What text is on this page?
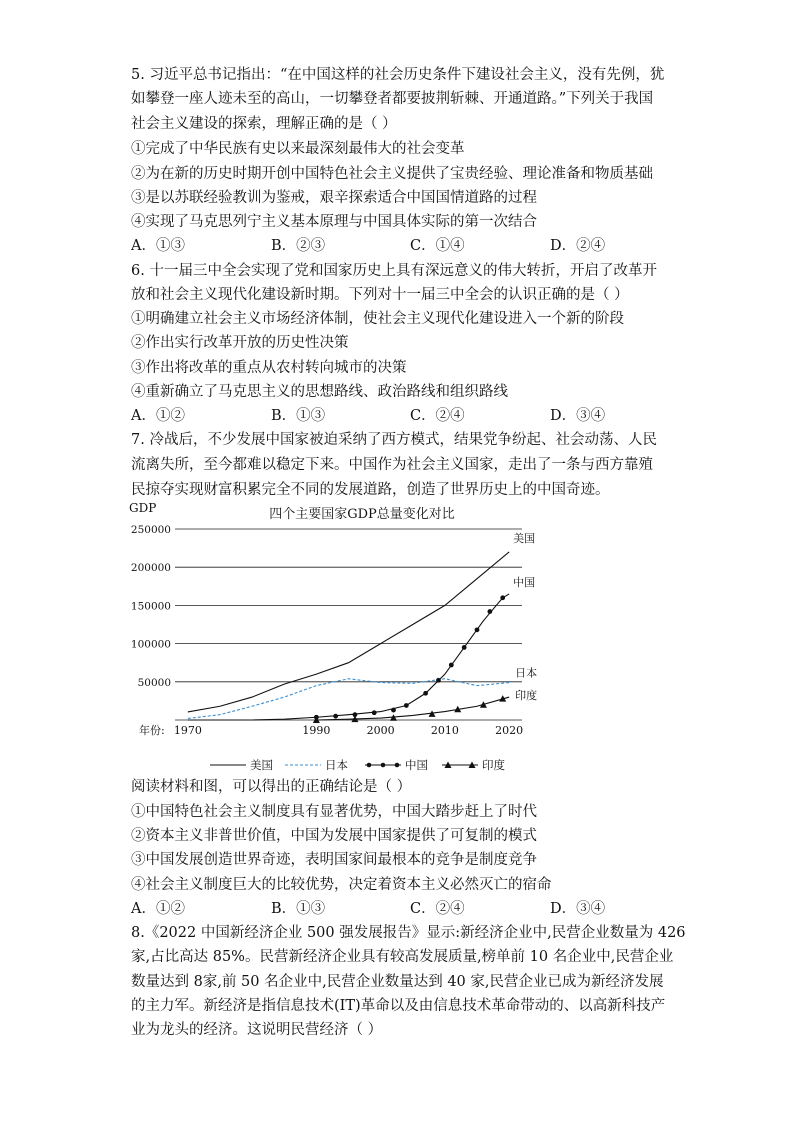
5. 习近平总书记指出：“在中国这样的社会历史条件下建设社会主义，没有先例，犹
如攀登一座人迹未至的高山，一切攀登者都要披荆斩棘、开通道路。”下列关于我国
社会主义建设的探索，理解正确的是（ ）
①完成了中华民族有史以来最深刻最伟大的社会变革
②为在新的历史时期开创中国特色社会主义提供了宝贵经验、理论准备和物质基础
③是以苏联经验教训为鉴戒，艰辛探索适合中国国情道路的过程
④实现了马克思列宁主义基本原理与中国具体实际的第一次结合
A．①③	B．②③	C．①④	D．②④
6. 十一届三中全会实现了党和国家历史上具有深远意义的伟大转折，开启了改革开
放和社会主义现代化建设新时期。下列对十一届三中全会的认识正确的是（ ）
①明确建立社会主义市场经济体制，使社会主义现代化建设进入一个新的阶段
②作出实行改革开放的历史性决策
③作出将改革的重点从农村转向城市的决策
④重新确立了马克思主义的思想路线、政治路线和组织路线
A．①②	B．①③	C．②④	D．③④
7. 冷战后，不少发展中国家被迫采纳了西方模式，结果党争纷起、社会动荡、人民
流离失所，至今都难以稳定下来。中国作为社会主义国家，走出了一条与西方靠殖
民掠夺实现财富积累完全不同的发展道路，创造了世界历史上的中国奇迹。
四个主要国家GDP总量变化对比
GDP
50000
100000
150000
200000
250000
年份: 1970	1990	2000	2010	2020
美国
中国
日本
印度
美国	日本	中国	印度
阅读材料和图，可以得出的正确结论是（ ）
①中国特色社会主义制度具有显著优势，中国大踏步赶上了时代
②资本主义非普世价值，中国为发展中国家提供了可复制的模式
③中国发展创造世界奇迹，表明国家间最根本的竞争是制度竞争
④社会主义制度巨大的比较优势，决定着资本主义必然灭亡的宿命
A．①②	B．①③	C．②④	D．③④
8.《2022 中国新经济企业 500 强发展报告》显示:新经济企业中,民营企业数量为 426
家,占比高达 85%。民营新经济企业具有较高发展质量,榜单前 10 名企业中,民营企业
数量达到 8家,前 50 名企业中,民营企业数量达到 40 家,民营企业已成为新经济发展
的主力军。新经济是指信息技术(IT)革命以及由信息技术革命带动的、以高新科技产
业为龙头的经济。这说明民营经济（ ）
